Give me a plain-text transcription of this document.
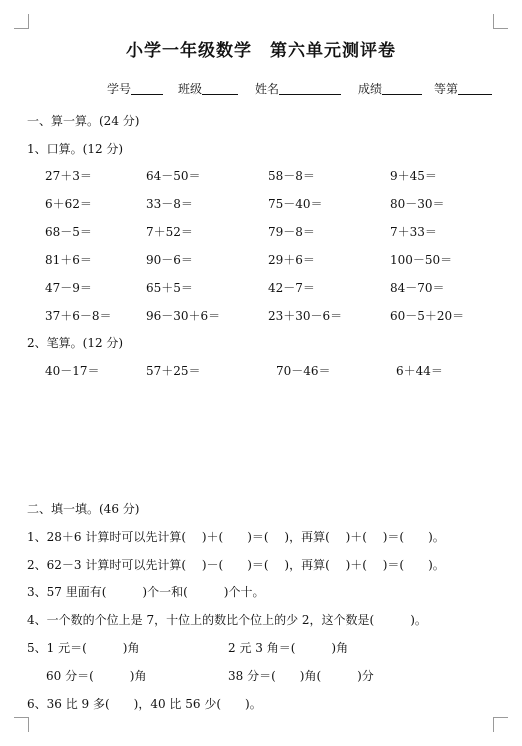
小学一年级数学　第六单元测评卷
学号	班级	姓名	成绩	等第
一、算一算。(24 分)
1、口算。(12 分)
27＋3＝	64－50＝	58－8＝	9＋45＝
6＋62＝	33－8＝	75－40＝	80－30＝
68－5＝	7＋52＝	79－8＝	7＋33＝
81＋6＝	90－6＝	29＋6＝	100－50＝
47－9＝	65＋5＝	42－7＝	84－70＝
37＋6－8＝	96－30＋6＝	23＋30－6＝	60－5＋20＝
2、笔算。(12 分)
40－17＝	57＋25＝	70－46＝	6＋44＝
二、填一填。(46 分)
1、28＋6 计算时可以先计算(　 )＋(　　)＝(　 )，再算(　 )＋(　 )＝(　　)。
2、62－3 计算时可以先计算(　 )－(　　)＝(　 )，再算(　 )＋(　 )＝(　　)。
3、57 里面有(　　　)个一和(　　　)个十。
4、一个数的个位上是 7，十位上的数比个位上的少 2，这个数是(　　　)。
5、1 元＝(　　　)角	2 元 3 角＝(　　　)角
60 分＝(　　　)角	38 分＝(　　)角(　　　)分
6、36 比 9 多(　　)，40 比 56 少(　　)。
